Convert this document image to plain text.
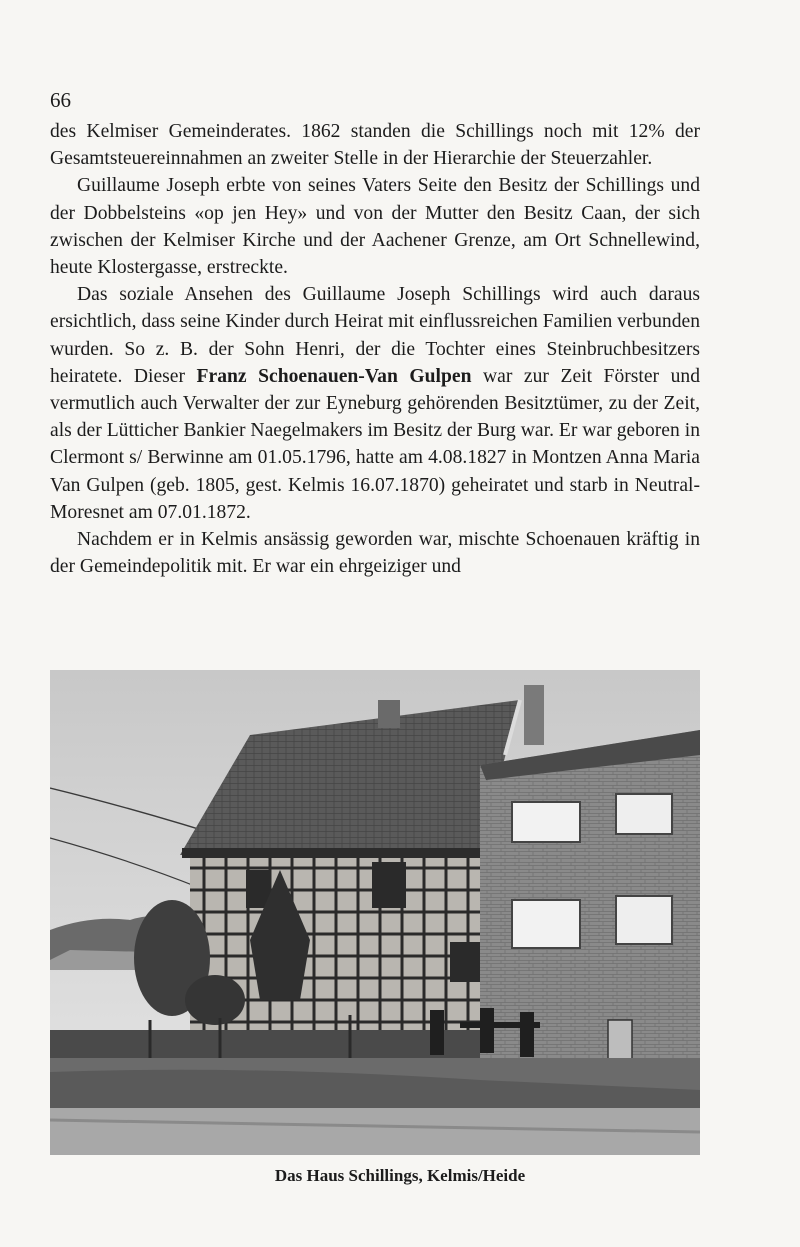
66

des Kelmiser Gemeinderates. 1862 standen die Schillings noch mit 12% der Gesamtsteuereinnahmen an zweiter Stelle in der Hierarchie der Steuerzahler.

Guillaume Joseph erbte von seines Vaters Seite den Besitz der Schillings und der Dobbelsteins «op jen Hey» und von der Mutter den Besitz Caan, der sich zwischen der Kelmiser Kirche und der Aachener Grenze, am Ort Schnellewind, heute Klostergasse, erstreckte.

Das soziale Ansehen des Guillaume Joseph Schillings wird auch daraus ersichtlich, dass seine Kinder durch Heirat mit einflussreichen Familien verbunden wurden. So z. B. der Sohn Henri, der die Tochter eines Steinbruchbesitzers heiratete. Dieser Franz Schoenauen-Van Gulpen war zur Zeit Förster und vermutlich auch Verwalter der zur Eyneburg gehörenden Besitztümer, zu der Zeit, als der Lütticher Bankier Naegelmakers im Besitz der Burg war. Er war geboren in Clermont s/ Berwinne am 01.05.1796, hatte am 4.08.1827 in Montzen Anna Maria Van Gulpen (geb. 1805, gest. Kelmis 16.07.1870) geheiratet und starb in Neutral-Moresnet am 07.01.1872.

Nachdem er in Kelmis ansässig geworden war, mischte Schoenauen kräftig in der Gemeindepolitik mit. Er war ein ehrgeiziger und

Das Haus Schillings, Kelmis/Heide
